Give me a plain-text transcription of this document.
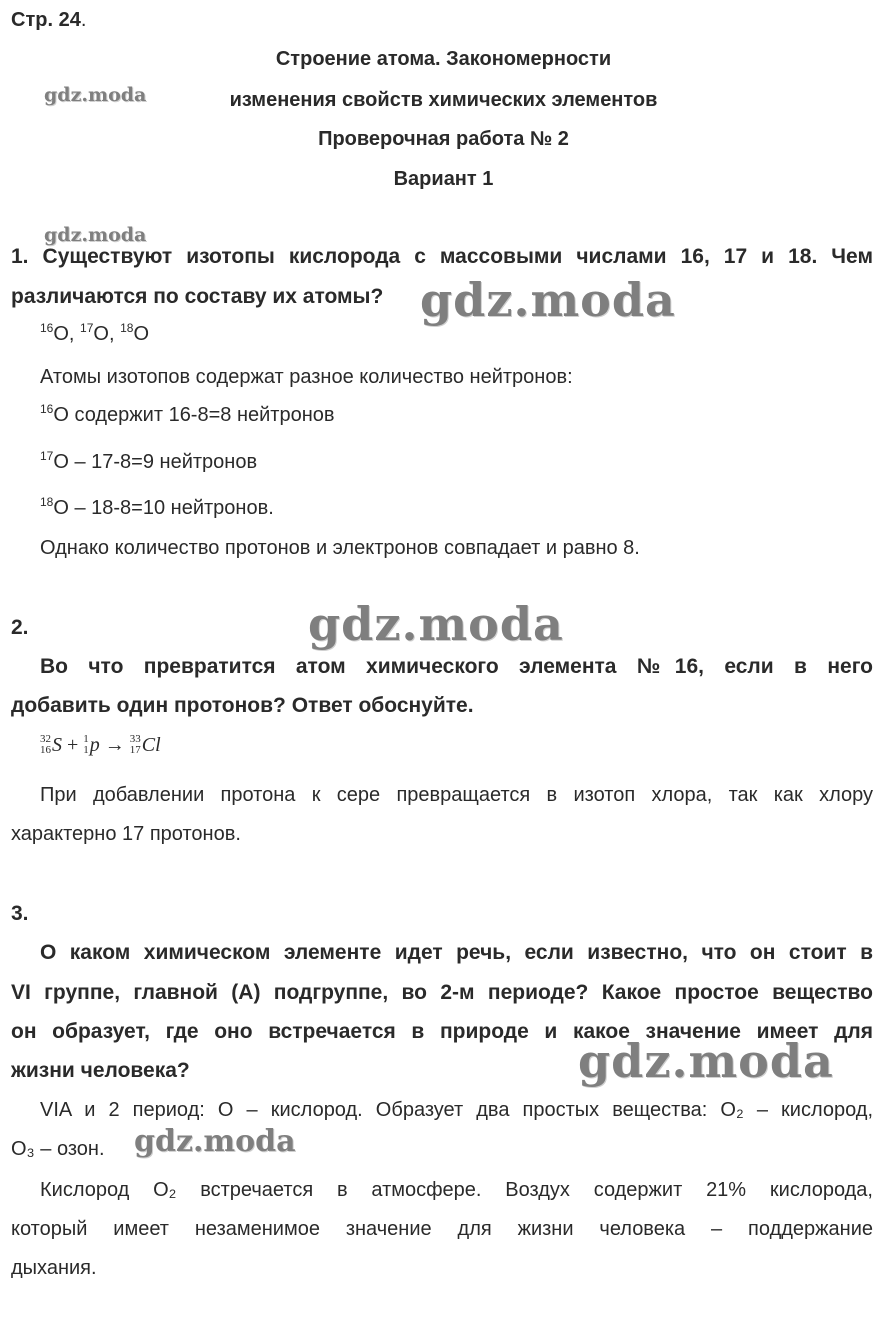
Стр. 24.
Строение атома. Закономерности
изменения свойств химических элементов
Проверочная работа № 2
Вариант 1
gdz.moda
gdz.moda
gdz.moda
gdz.moda
gdz.moda
gdz.moda
1. Существуют изотопы кислорода с массовыми числами 16, 17 и 18. Чем
различаются по составу их атомы?
$^{16}$O, $^{17}$O, $^{18}$O
Атомы изотопов содержат разное количество нейтронов:
$^{16}$O содержит 16-8=8 нейтронов
$^{17}$O – 17-8=9 нейтронов
$^{18}$O – 18-8=10 нейтронов.
Однако количество протонов и электронов совпадает и равно 8.
2.
Во что превратится атом химического элемента №16, если в него
добавить один протонов? Ответ обоснуйте.
32
16 S + 1
1 p → 33
17 Cl
При добавлении протона к сере превращается в изотоп хлора, так как хлору
характерно 17 протонов.
3.
О каком химическом элементе идет речь, если известно, что он стоит в
VI группе, главной (А) подгруппе, во 2-м периоде? Какое простое вещество
он образует, где оно встречается в природе и какое значение имеет для
жизни человека?
VIA и 2 период: O – кислород. Образует два простых вещества: O₂ – кислород,
O₃ – озон.
Кислород O₂ встречается в атмосфере. Воздух содержит 21% кислорода,
который имеет незаменимое значение для жизни человека – поддержание
дыхания.
